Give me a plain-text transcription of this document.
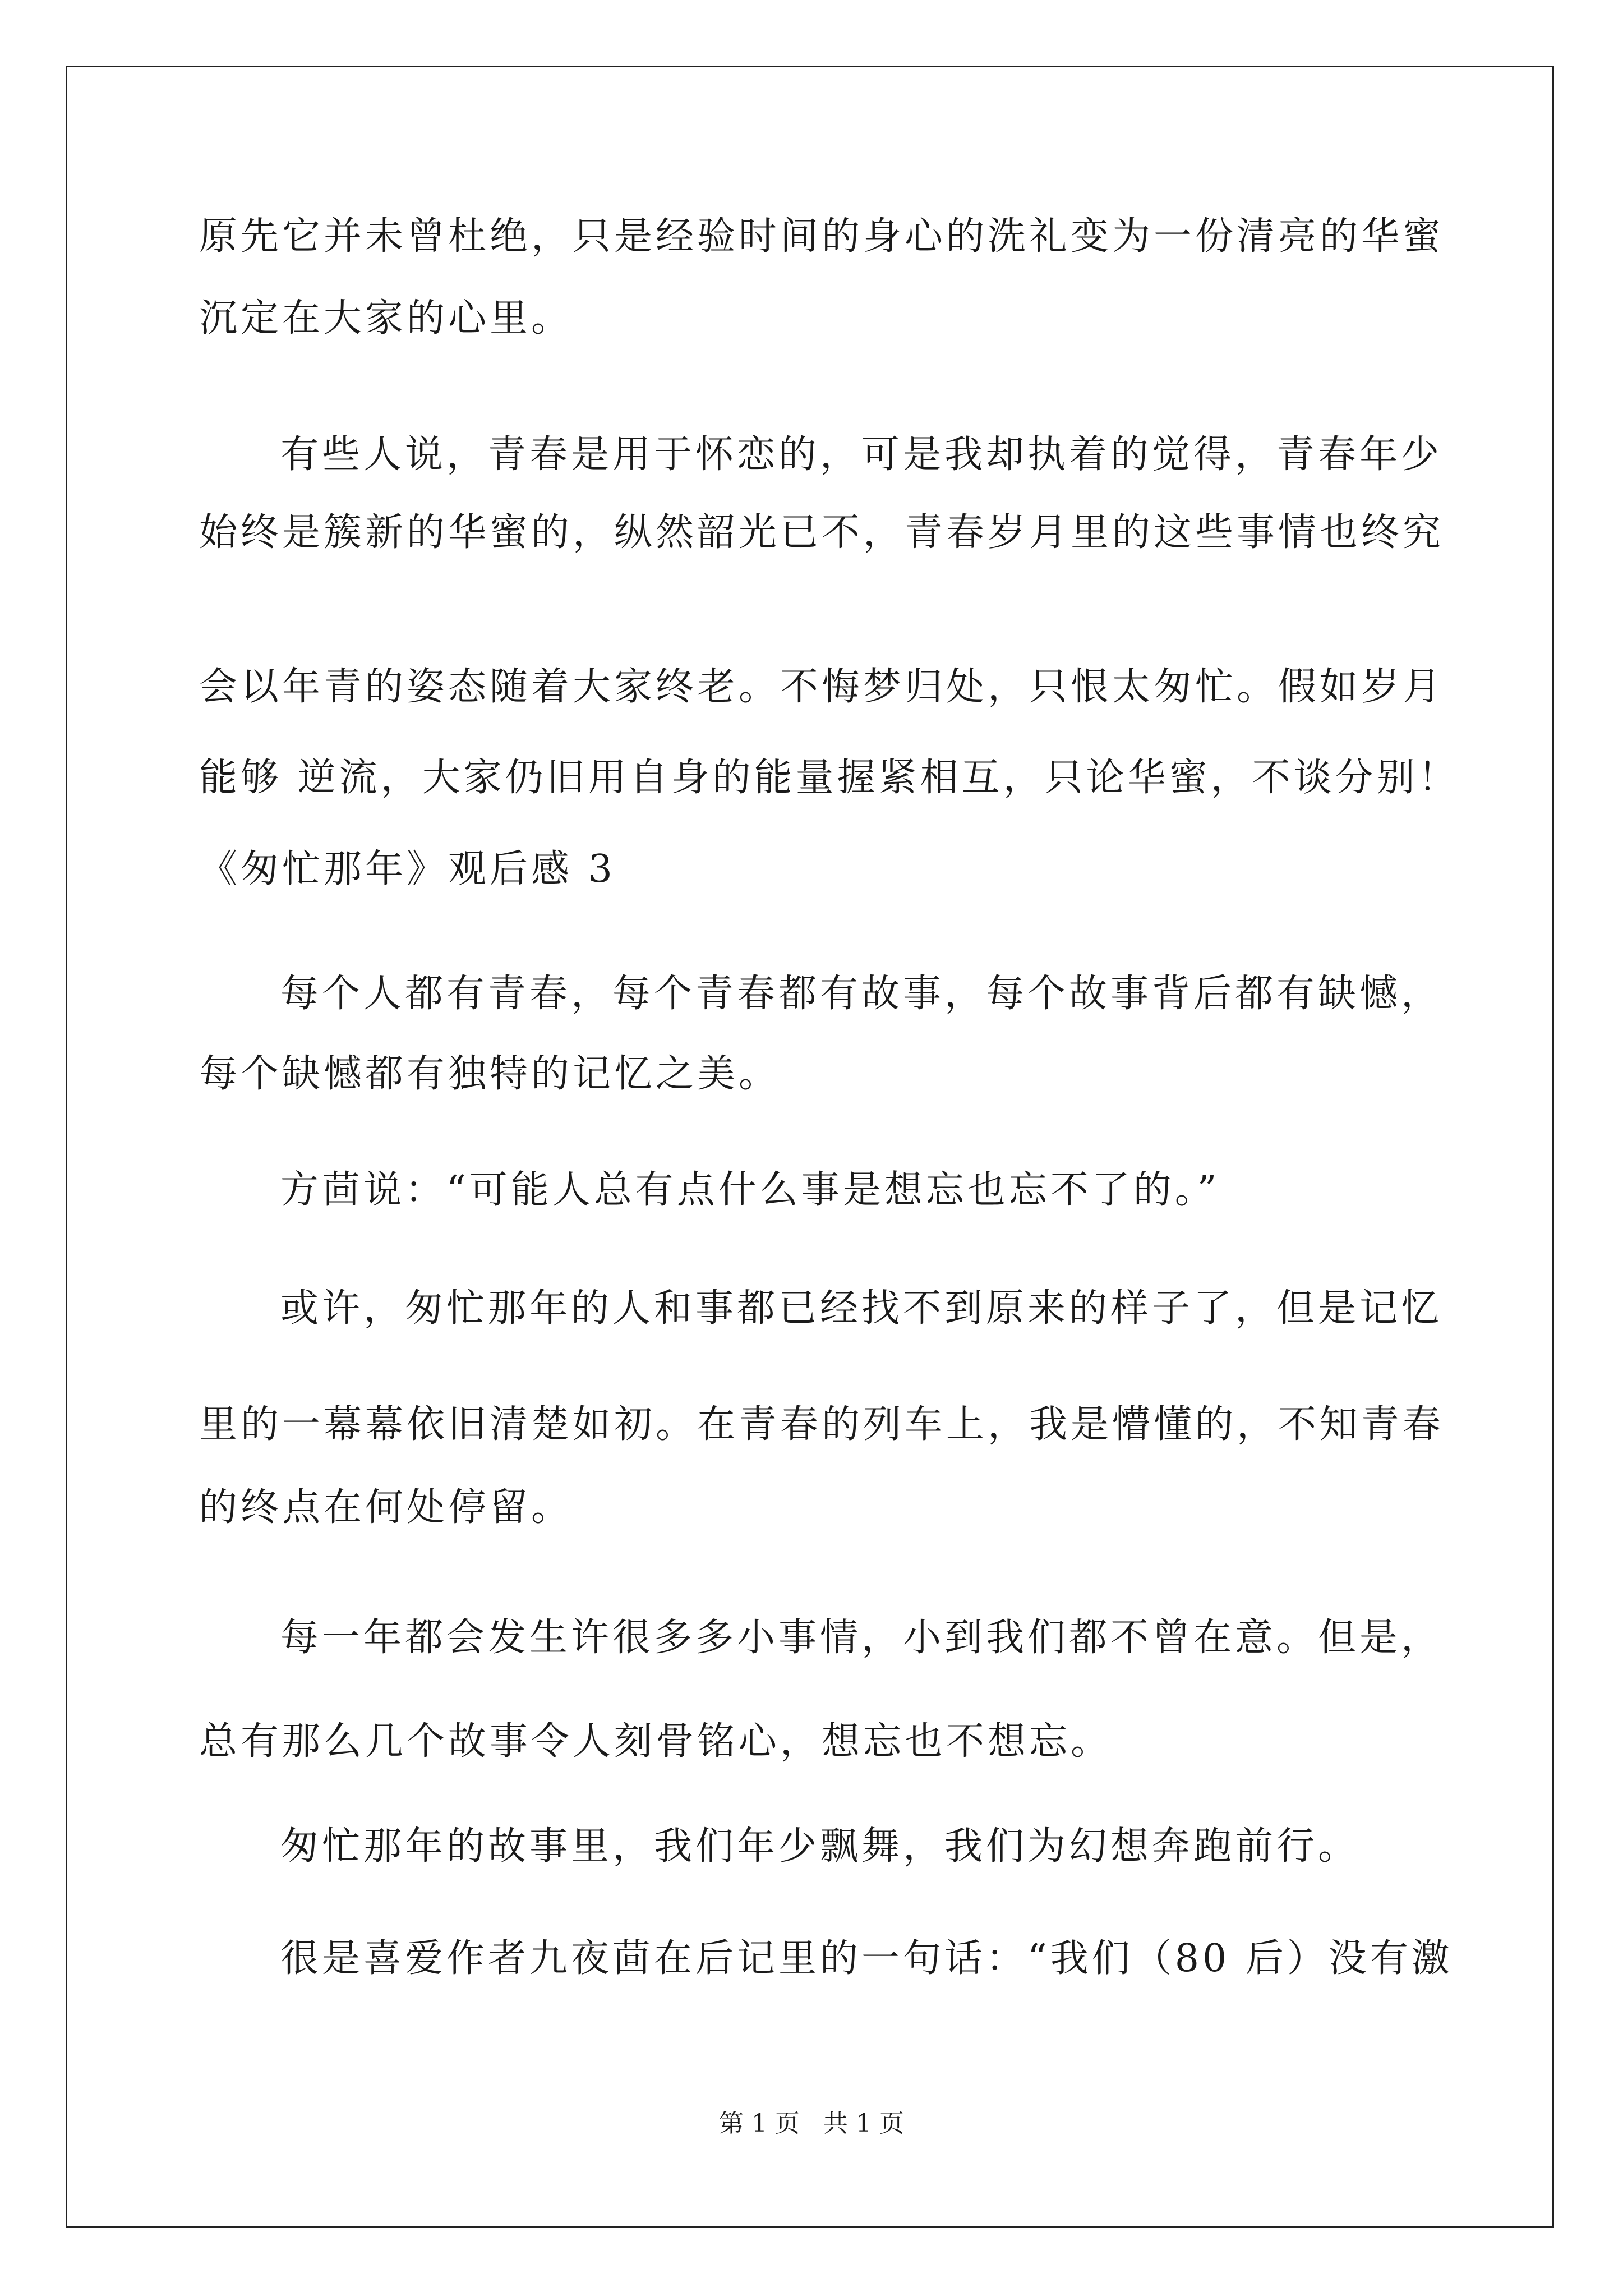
原先它并未曾杜绝，只是经验时间的身心的洗礼变为一份清亮的华蜜
沉定在大家的心里。
有些人说，青春是用于怀恋的，可是我却执着的觉得，青春年少
始终是簇新的华蜜的，纵然韶光已不，青春岁月里的这些事情也终究
会以年青的姿态随着大家终老。不悔梦归处，只恨太匆忙。假如岁月
能够 逆流，大家仍旧用自身的能量握紧相互，只论华蜜，不谈分别！
《匆忙那年》观后感 3
每个人都有青春，每个青春都有故事，每个故事背后都有缺憾，
每个缺憾都有独特的记忆之美。
方茴说：“可能人总有点什么事是想忘也忘不了的。”
或许，匆忙那年的人和事都已经找不到原来的样子了，但是记忆
里的一幕幕依旧清楚如初。在青春的列车上，我是懵懂的，不知青春
的终点在何处停留。
每一年都会发生许很多多小事情，小到我们都不曾在意。但是，
总有那么几个故事令人刻骨铭心，想忘也不想忘。
匆忙那年的故事里，我们年少飘舞，我们为幻想奔跑前行。
很是喜爱作者九夜茴在后记里的一句话：“我们（80 后）没有激
第 1 页   共 1 页
